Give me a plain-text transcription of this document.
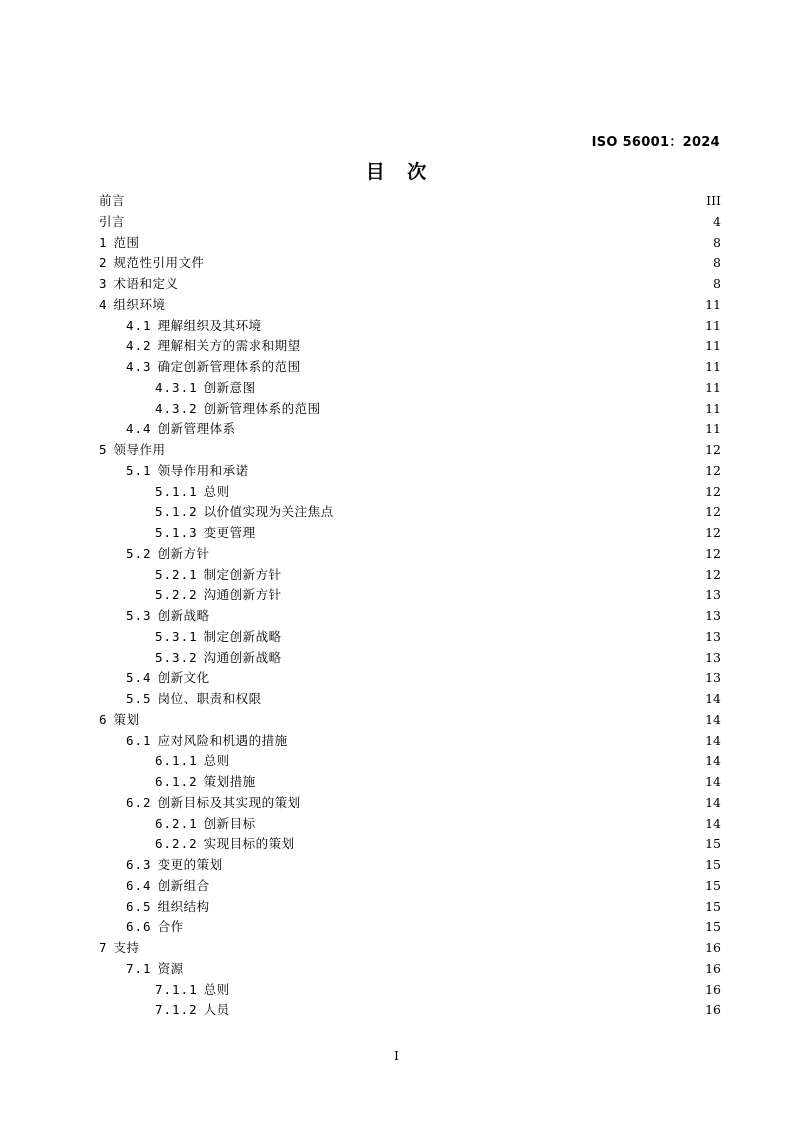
ISO 56001：2024
目 次
前言	III
引言	4
1 范围	8
2 规范性引用文件	8
3 术语和定义	8
4 组织环境	11
4.1 理解组织及其环境	11
4.2 理解相关方的需求和期望	11
4.3 确定创新管理体系的范围	11
4.3.1 创新意图	11
4.3.2 创新管理体系的范围	11
4.4 创新管理体系	11
5 领导作用	12
5.1 领导作用和承诺	12
5.1.1 总则	12
5.1.2 以价值实现为关注焦点	12
5.1.3 变更管理	12
5.2 创新方针	12
5.2.1 制定创新方针	12
5.2.2 沟通创新方针	13
5.3 创新战略	13
5.3.1 制定创新战略	13
5.3.2 沟通创新战略	13
5.4 创新文化	13
5.5 岗位、职责和权限	14
6 策划	14
6.1 应对风险和机遇的措施	14
6.1.1 总则	14
6.1.2 策划措施	14
6.2 创新目标及其实现的策划	14
6.2.1 创新目标	14
6.2.2 实现目标的策划	15
6.3 变更的策划	15
6.4 创新组合	15
6.5 组织结构	15
6.6 合作	15
7 支持	16
7.1 资源	16
7.1.1 总则	16
7.1.2 人员	16
I
